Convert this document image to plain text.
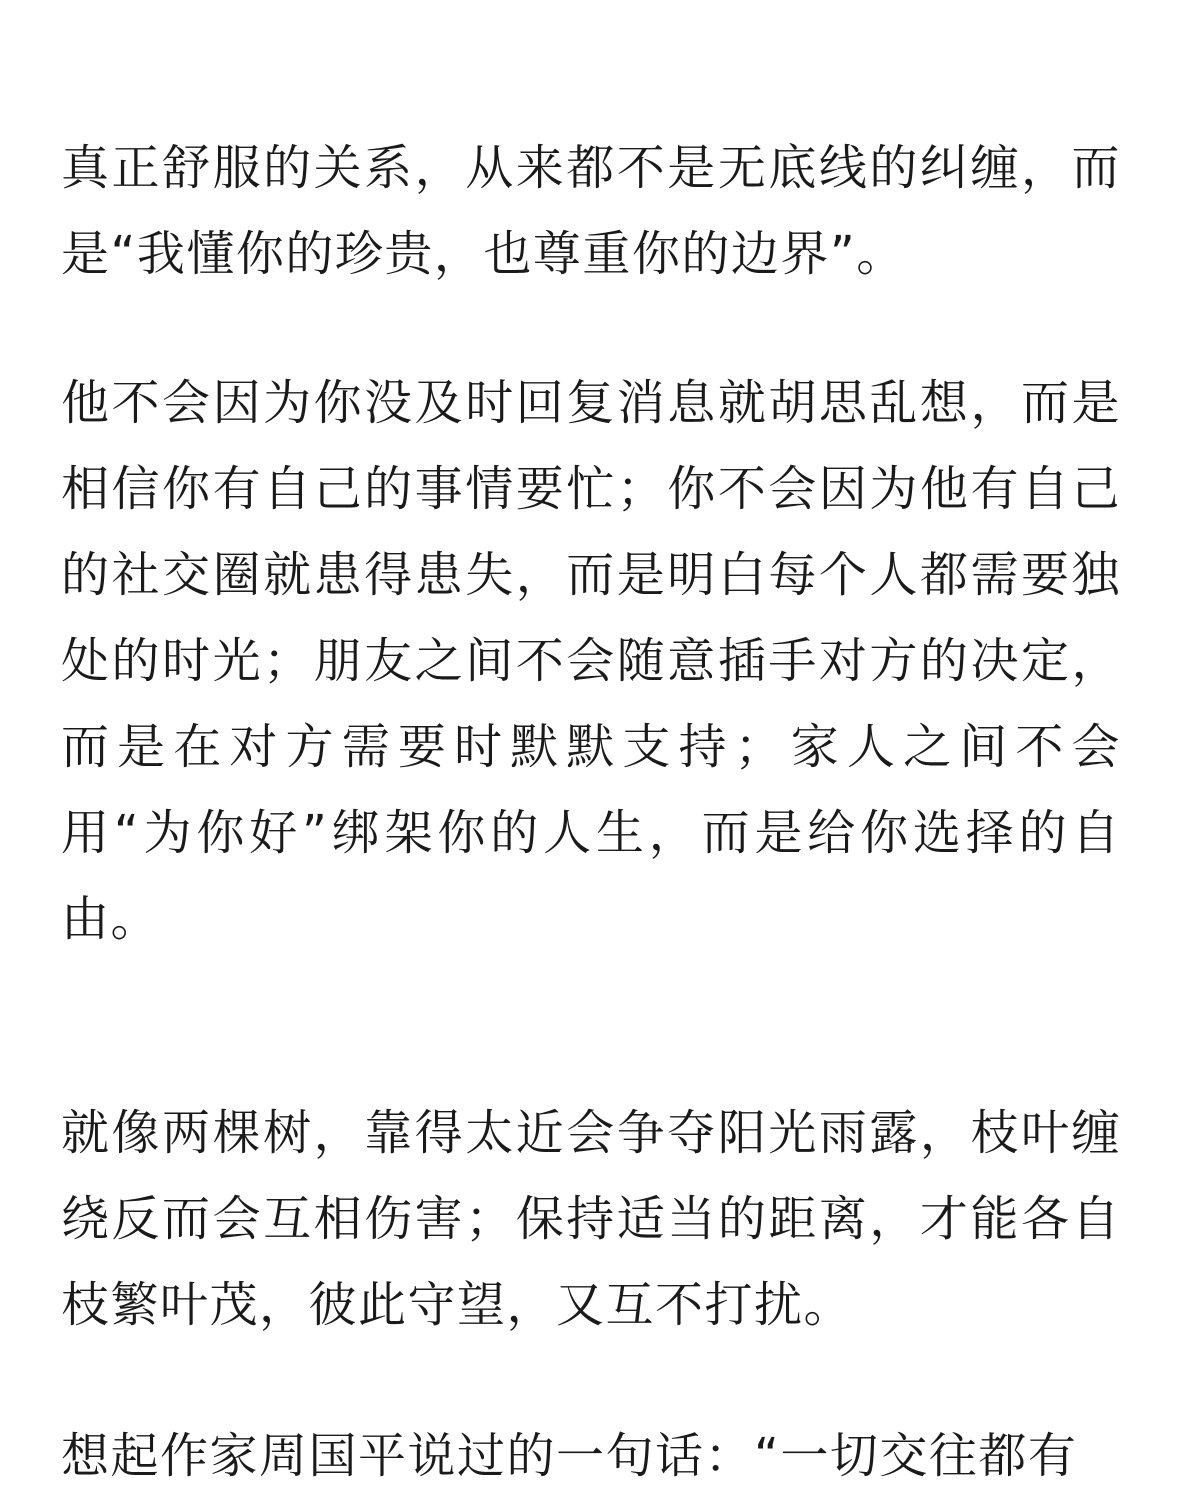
真正舒服的关系，从来都不是无底线的纠缠，而是“我懂你的珍贵，也尊重你的边界”。

他不会因为你没及时回复消息就胡思乱想，而是相信你有自己的事情要忙；你不会因为他有自己的社交圈就患得患失，而是明白每个人都需要独处的时光；朋友之间不会随意插手对方的决定，而是在对方需要时默默支持；家人之间不会用“为你好”绑架你的人生，而是给你选择的自由。

就像两棵树，靠得太近会争夺阳光雨露，枝叶缠绕反而会互相伤害；保持适当的距离，才能各自枝繁叶茂，彼此守望，又互不打扰。

想起作家周国平说过的一句话：“一切交往都有
